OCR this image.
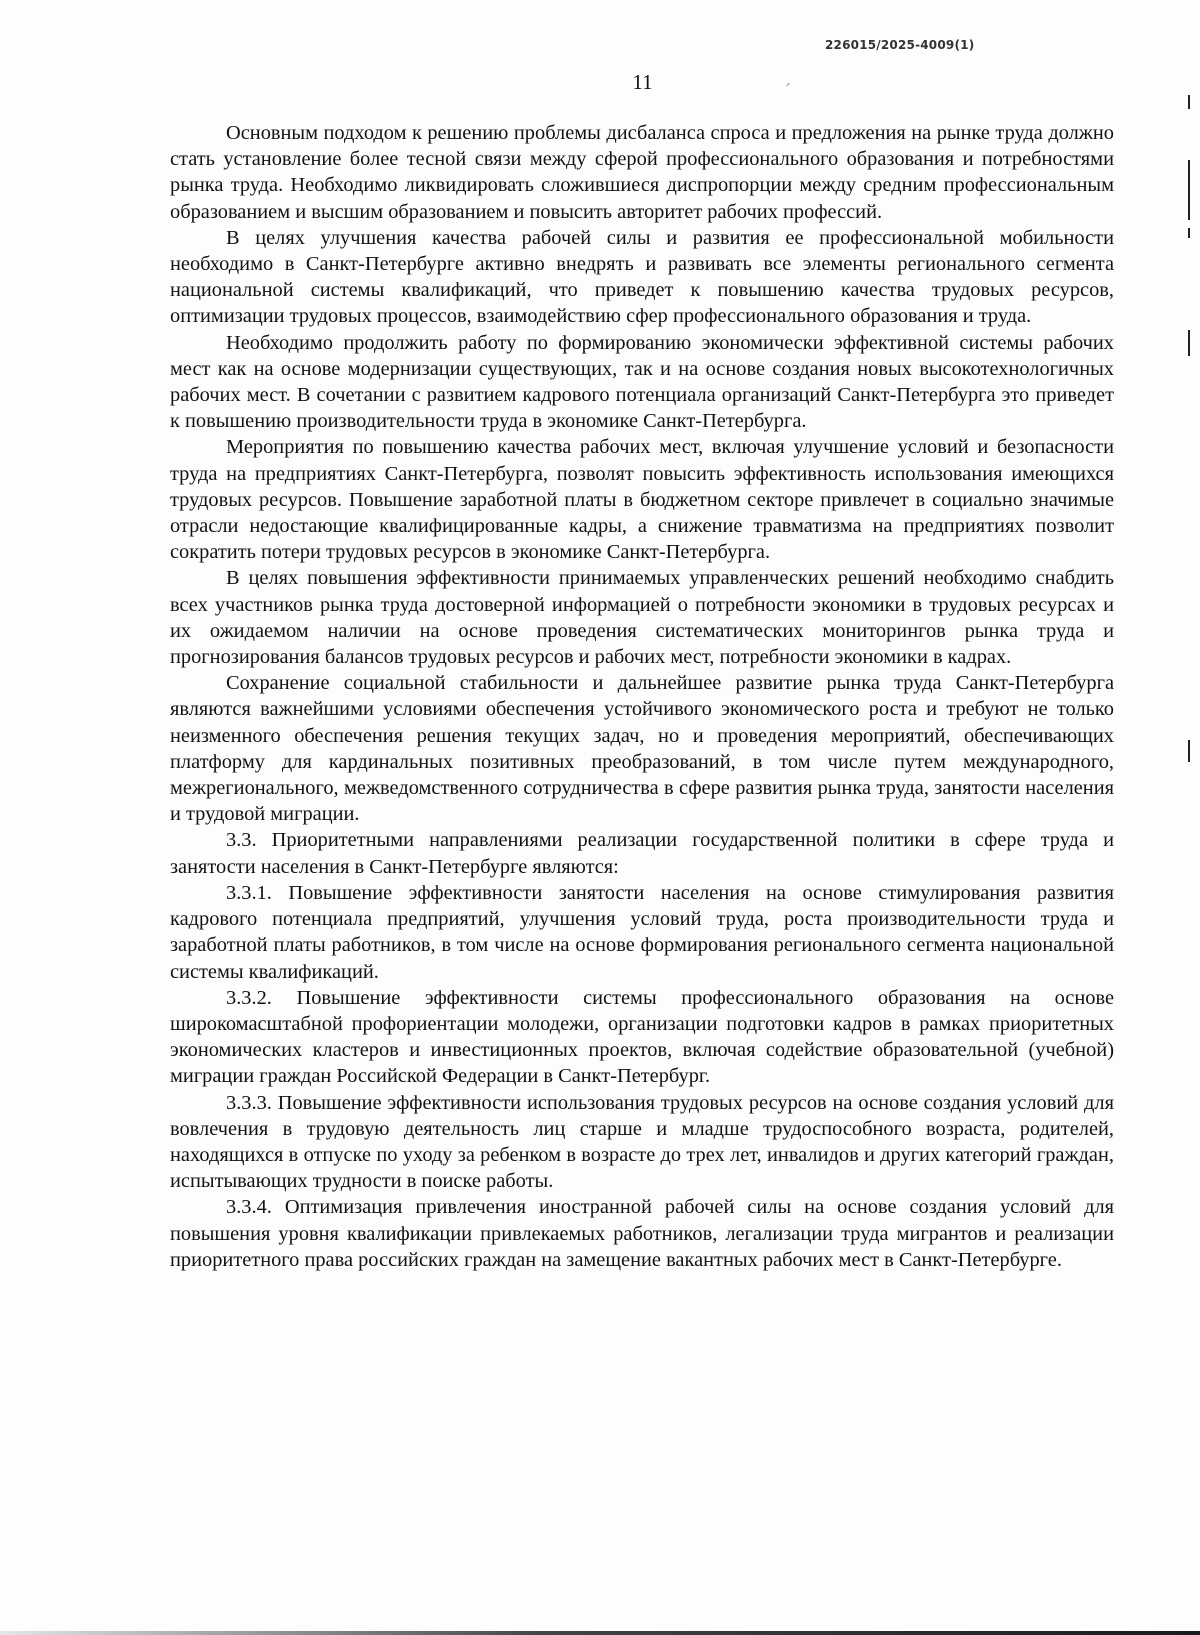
226015/2025-4009(1)
11

Основным подходом к решению проблемы дисбаланса спроса и предложения на рынке труда должно стать установление более тесной связи между сферой профессионального образования и потребностями рынка труда. Необходимо ликвидировать сложившиеся диспропорции между средним профессиональным образованием и высшим образованием и повысить авторитет рабочих профессий.

В целях улучшения качества рабочей силы и развития ее профессиональной мобильности необходимо в Санкт-Петербурге активно внедрять и развивать все элементы регионального сегмента национальной системы квалификаций, что приведет к повышению качества трудовых ресурсов, оптимизации трудовых процессов, взаимодействию сфер профессионального образования и труда.

Необходимо продолжить работу по формированию экономически эффективной системы рабочих мест как на основе модернизации существующих, так и на основе создания новых высокотехнологичных рабочих мест. В сочетании с развитием кадрового потенциала организаций Санкт-Петербурга это приведет к повышению производительности труда в экономике Санкт-Петербурга.

Мероприятия по повышению качества рабочих мест, включая улучшение условий и безопасности труда на предприятиях Санкт-Петербурга, позволят повысить эффективность использования имеющихся трудовых ресурсов. Повышение заработной платы в бюджетном секторе привлечет в социально значимые отрасли недостающие квалифицированные кадры, а снижение травматизма на предприятиях позволит сократить потери трудовых ресурсов в экономике Санкт-Петербурга.

В целях повышения эффективности принимаемых управленческих решений необходимо снабдить всех участников рынка труда достоверной информацией о потребности экономики в трудовых ресурсах и их ожидаемом наличии на основе проведения систематических мониторингов рынка труда и прогнозирования балансов трудовых ресурсов и рабочих мест, потребности экономики в кадрах.

Сохранение социальной стабильности и дальнейшее развитие рынка труда Санкт-Петербурга являются важнейшими условиями обеспечения устойчивого экономического роста и требуют не только неизменного обеспечения решения текущих задач, но и проведения мероприятий, обеспечивающих платформу для кардинальных позитивных преобразований, в том числе путем международного, межрегионального, межведомственного сотрудничества в сфере развития рынка труда, занятости населения и трудовой миграции.

3.3. Приоритетными направлениями реализации государственной политики в сфере труда и занятости населения в Санкт-Петербурге являются:

3.3.1. Повышение эффективности занятости населения на основе стимулирования развития кадрового потенциала предприятий, улучшения условий труда, роста производительности труда и заработной платы работников, в том числе на основе формирования регионального сегмента национальной системы квалификаций.

3.3.2. Повышение эффективности системы профессионального образования на основе широкомасштабной профориентации молодежи, организации подготовки кадров в рамках приоритетных экономических кластеров и инвестиционных проектов, включая содействие образовательной (учебной) миграции граждан Российской Федерации в Санкт-Петербург.

3.3.3. Повышение эффективности использования трудовых ресурсов на основе создания условий для вовлечения в трудовую деятельность лиц старше и младше трудоспособного возраста, родителей, находящихся в отпуске по уходу за ребенком в возрасте до трех лет, инвалидов и других категорий граждан, испытывающих трудности в поиске работы.

3.3.4. Оптимизация привлечения иностранной рабочей силы на основе создания условий для повышения уровня квалификации привлекаемых работников, легализации труда мигрантов и реализации приоритетного права российских граждан на замещение вакантных рабочих мест в Санкт-Петербурге.
